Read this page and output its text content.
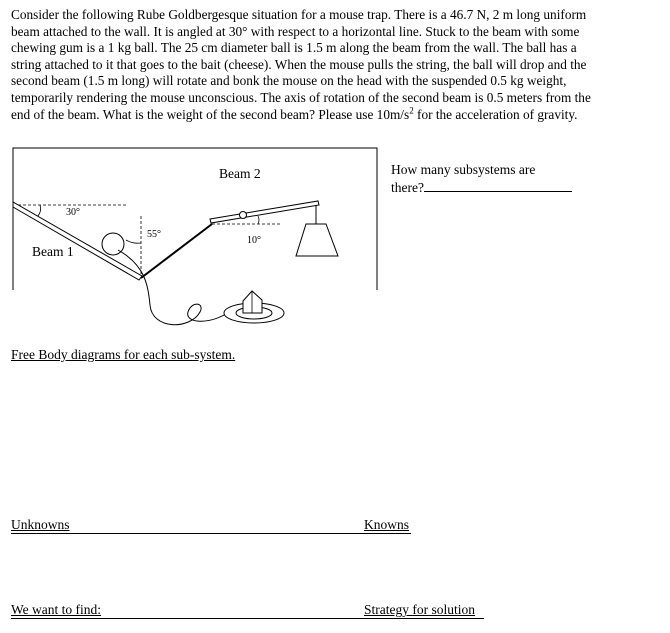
Consider the following Rube Goldbergesque situation for a mouse trap. There is a 46.7 N, 2 m long uniform
beam attached to the wall. It is angled at 30° with respect to a horizontal line. Stuck to the beam with some
chewing gum is a 1 kg ball. The 25 cm diameter ball is 1.5 m along the beam from the wall. The ball has a
string attached to it that goes to the bait (cheese). When the mouse pulls the string, the ball will drop and the
second beam (1.5 m long) will rotate and bonk the mouse on the head with the suspended 0.5 kg weight,
temporarily rendering the mouse unconscious. The axis of rotation of the second beam is 0.5 meters from the
end of the beam. What is the weight of the second beam? Please use $10m/s^2$ for the acceleration of gravity.
30°
Beam 1
55°
Beam 2
10°
How many subsystems are
there?
Free Body diagrams for each sub-system.
Unknowns	Knowns
We want to find:	Strategy for solution
